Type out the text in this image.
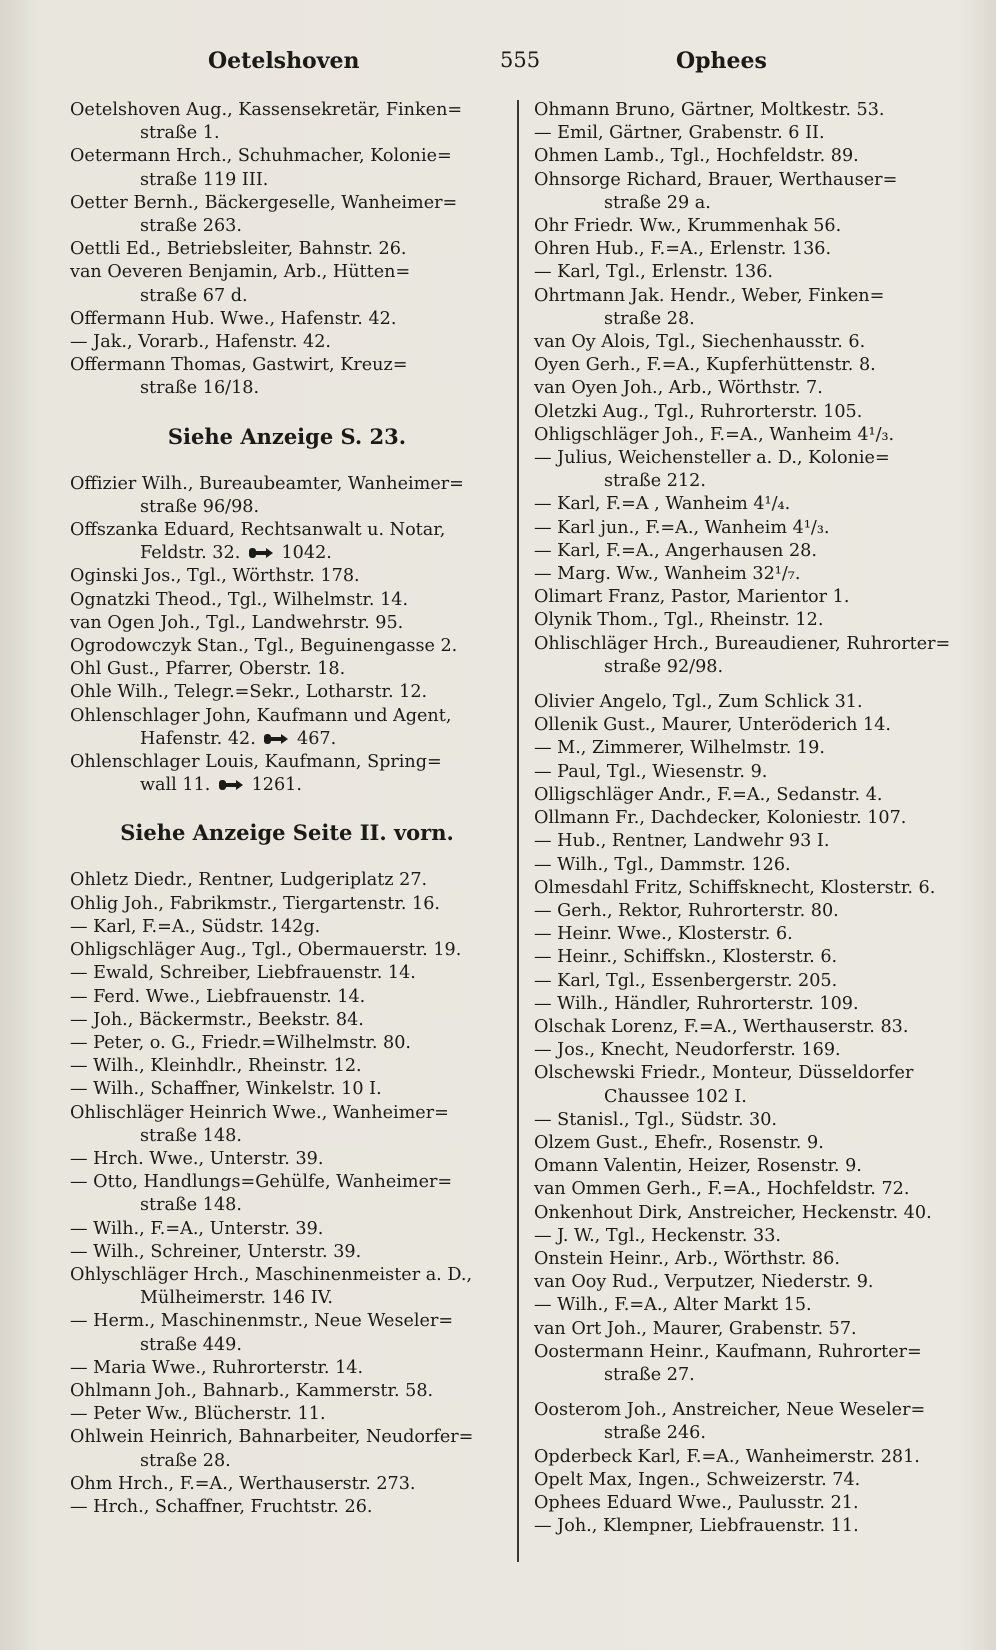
Oetelshoven	555	Ophees
Oetelshoven Aug., Kassensekretär, Finken=
straße 1.
Oetermann Hrch., Schuhmacher, Kolonie=
straße 119 III.
Oetter Bernh., Bäckergeselle, Wanheimer=
straße 263.
Oettli Ed., Betriebsleiter, Bahnstr. 26.
van Oeveren Benjamin, Arb., Hütten=
straße 67 d.
Offermann Hub. Wwe., Hafenstr. 42.
— Jak., Vorarb., Hafenstr. 42.
Offermann Thomas, Gastwirt, Kreuz=
straße 16/18.
Siehe Anzeige S. 23.
Offizier Wilh., Bureaubeamter, Wanheimer=
straße 96/98.
Offszanka Eduard, Rechtsanwalt u. Notar,
Feldstr. 32. 1042.
Oginski Jos., Tgl., Wörthstr. 178.
Ognatzki Theod., Tgl., Wilhelmstr. 14.
van Ogen Joh., Tgl., Landwehrstr. 95.
Ogrodowczyk Stan., Tgl., Beguinengasse 2.
Ohl Gust., Pfarrer, Oberstr. 18.
Ohle Wilh., Telegr.=Sekr., Lotharstr. 12.
Ohlenschlager John, Kaufmann und Agent,
Hafenstr. 42. 467.
Ohlenschlager Louis, Kaufmann, Spring=
wall 11. 1261.
Siehe Anzeige Seite II. vorn.
Ohletz Diedr., Rentner, Ludgeriplatz 27.
Ohlig Joh., Fabrikmstr., Tiergartenstr. 16.
— Karl, F.=A., Südstr. 142g.
Ohligschläger Aug., Tgl., Obermauerstr. 19.
— Ewald, Schreiber, Liebfrauenstr. 14.
— Ferd. Wwe., Liebfrauenstr. 14.
— Joh., Bäckermstr., Beekstr. 84.
— Peter, o. G., Friedr.=Wilhelmstr. 80.
— Wilh., Kleinhdlr., Rheinstr. 12.
— Wilh., Schaffner, Winkelstr. 10 I.
Ohlischläger Heinrich Wwe., Wanheimer=
straße 148.
— Hrch. Wwe., Unterstr. 39.
— Otto, Handlungs=Gehülfe, Wanheimer=
straße 148.
— Wilh., F.=A., Unterstr. 39.
— Wilh., Schreiner, Unterstr. 39.
Ohlyschläger Hrch., Maschinenmeister a. D.,
Mülheimerstr. 146 IV.
— Herm., Maschinenmstr., Neue Weseler=
straße 449.
— Maria Wwe., Ruhrorterstr. 14.
Ohlmann Joh., Bahnarb., Kammerstr. 58.
— Peter Ww., Blücherstr. 11.
Ohlwein Heinrich, Bahnarbeiter, Neudorfer=
straße 28.
Ohm Hrch., F.=A., Werthauserstr. 273.
— Hrch., Schaffner, Fruchtstr. 26.
Ohmann Bruno, Gärtner, Moltkestr. 53.
— Emil, Gärtner, Grabenstr. 6 II.
Ohmen Lamb., Tgl., Hochfeldstr. 89.
Ohnsorge Richard, Brauer, Werthauser=
straße 29 a.
Ohr Friedr. Ww., Krummenhak 56.
Ohren Hub., F.=A., Erlenstr. 136.
— Karl, Tgl., Erlenstr. 136.
Ohrtmann Jak. Hendr., Weber, Finken=
straße 28.
van Oy Alois, Tgl., Siechenhausstr. 6.
Oyen Gerh., F.=A., Kupferhüttenstr. 8.
van Oyen Joh., Arb., Wörthstr. 7.
Oletzki Aug., Tgl., Ruhrorterstr. 105.
Ohligschläger Joh., F.=A., Wanheim 4¹/₃.
— Julius, Weichensteller a. D., Kolonie=
straße 212.
— Karl, F.=A , Wanheim 4¹/₄.
— Karl jun., F.=A., Wanheim 4¹/₃.
— Karl, F.=A., Angerhausen 28.
— Marg. Ww., Wanheim 32¹/₇.
Olimart Franz, Pastor, Marientor 1.
Olynik Thom., Tgl., Rheinstr. 12.
Ohlischläger Hrch., Bureaudiener, Ruhrorter=
straße 92/98.
Olivier Angelo, Tgl., Zum Schlick 31.
Ollenik Gust., Maurer, Unteröderich 14.
— M., Zimmerer, Wilhelmstr. 19.
— Paul, Tgl., Wiesenstr. 9.
Olligschläger Andr., F.=A., Sedanstr. 4.
Ollmann Fr., Dachdecker, Koloniestr. 107.
— Hub., Rentner, Landwehr 93 I.
— Wilh., Tgl., Dammstr. 126.
Olmesdahl Fritz, Schiffsknecht, Klosterstr. 6.
— Gerh., Rektor, Ruhrorterstr. 80.
— Heinr. Wwe., Klosterstr. 6.
— Heinr., Schiffskn., Klosterstr. 6.
— Karl, Tgl., Essenbergerstr. 205.
— Wilh., Händler, Ruhrorterstr. 109.
Olschak Lorenz, F.=A., Werthauserstr. 83.
— Jos., Knecht, Neudorferstr. 169.
Olschewski Friedr., Monteur, Düsseldorfer
Chaussee 102 I.
— Stanisl., Tgl., Südstr. 30.
Olzem Gust., Ehefr., Rosenstr. 9.
Omann Valentin, Heizer, Rosenstr. 9.
van Ommen Gerh., F.=A., Hochfeldstr. 72.
Onkenhout Dirk, Anstreicher, Heckenstr. 40.
— J. W., Tgl., Heckenstr. 33.
Onstein Heinr., Arb., Wörthstr. 86.
van Ooy Rud., Verputzer, Niederstr. 9.
— Wilh., F.=A., Alter Markt 15.
van Ort Joh., Maurer, Grabenstr. 57.
Oostermann Heinr., Kaufmann, Ruhrorter=
straße 27.
Oosterom Joh., Anstreicher, Neue Weseler=
straße 246.
Opderbeck Karl, F.=A., Wanheimerstr. 281.
Opelt Max, Ingen., Schweizerstr. 74.
Ophees Eduard Wwe., Paulusstr. 21.
— Joh., Klempner, Liebfrauenstr. 11.
